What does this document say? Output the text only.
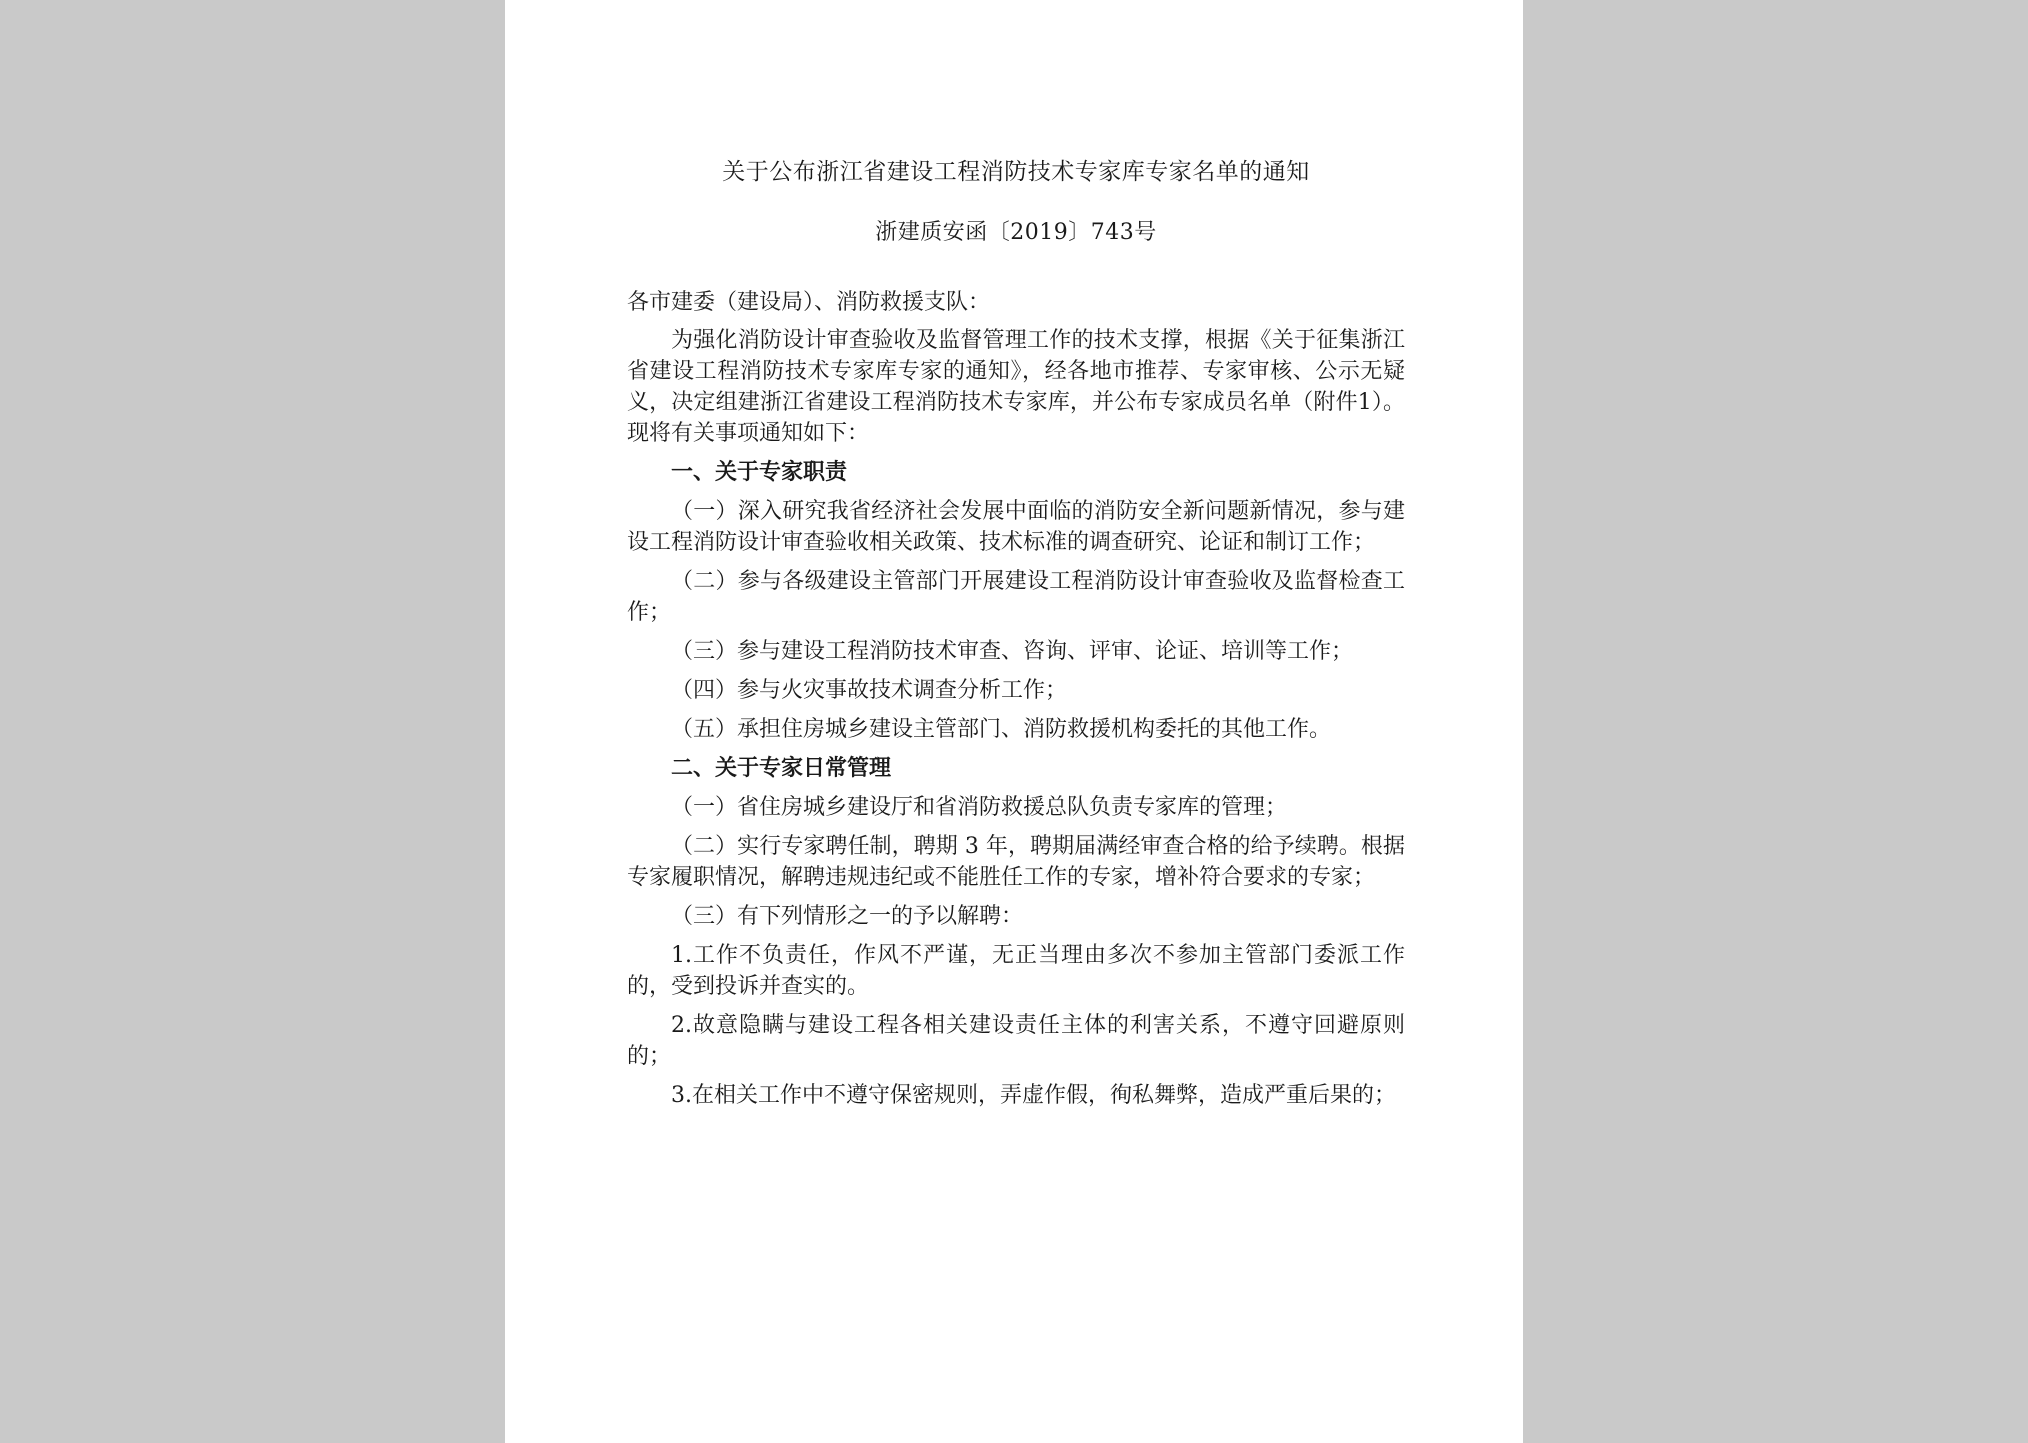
关于公布浙江省建设工程消防技术专家库专家名单的通知
浙建质安函〔2019〕743号
各市建委（建设局）、消防救援支队：
为强化消防设计审查验收及监督管理工作的技术支撑，根据《关于征集浙江省建设工程消防技术专家库专家的通知》，经各地市推荐、专家审核、公示无疑义，决定组建浙江省建设工程消防技术专家库，并公布专家成员名单（附件1）。现将有关事项通知如下：
一、关于专家职责
（一）深入研究我省经济社会发展中面临的消防安全新问题新情况，参与建设工程消防设计审查验收相关政策、技术标准的调查研究、论证和制订工作；
（二）参与各级建设主管部门开展建设工程消防设计审查验收及监督检查工作；
（三）参与建设工程消防技术审查、咨询、评审、论证、培训等工作；
（四）参与火灾事故技术调查分析工作；
（五）承担住房城乡建设主管部门、消防救援机构委托的其他工作。
二、关于专家日常管理
（一）省住房城乡建设厅和省消防救援总队负责专家库的管理；
（二）实行专家聘任制，聘期 3 年，聘期届满经审查合格的给予续聘。根据专家履职情况，解聘违规违纪或不能胜任工作的专家，增补符合要求的专家；
（三）有下列情形之一的予以解聘：
1.工作不负责任，作风不严谨，无正当理由多次不参加主管部门委派工作的，受到投诉并查实的。
2.故意隐瞒与建设工程各相关建设责任主体的利害关系，不遵守回避原则的；
3.在相关工作中不遵守保密规则，弄虚作假，徇私舞弊，造成严重后果的；
